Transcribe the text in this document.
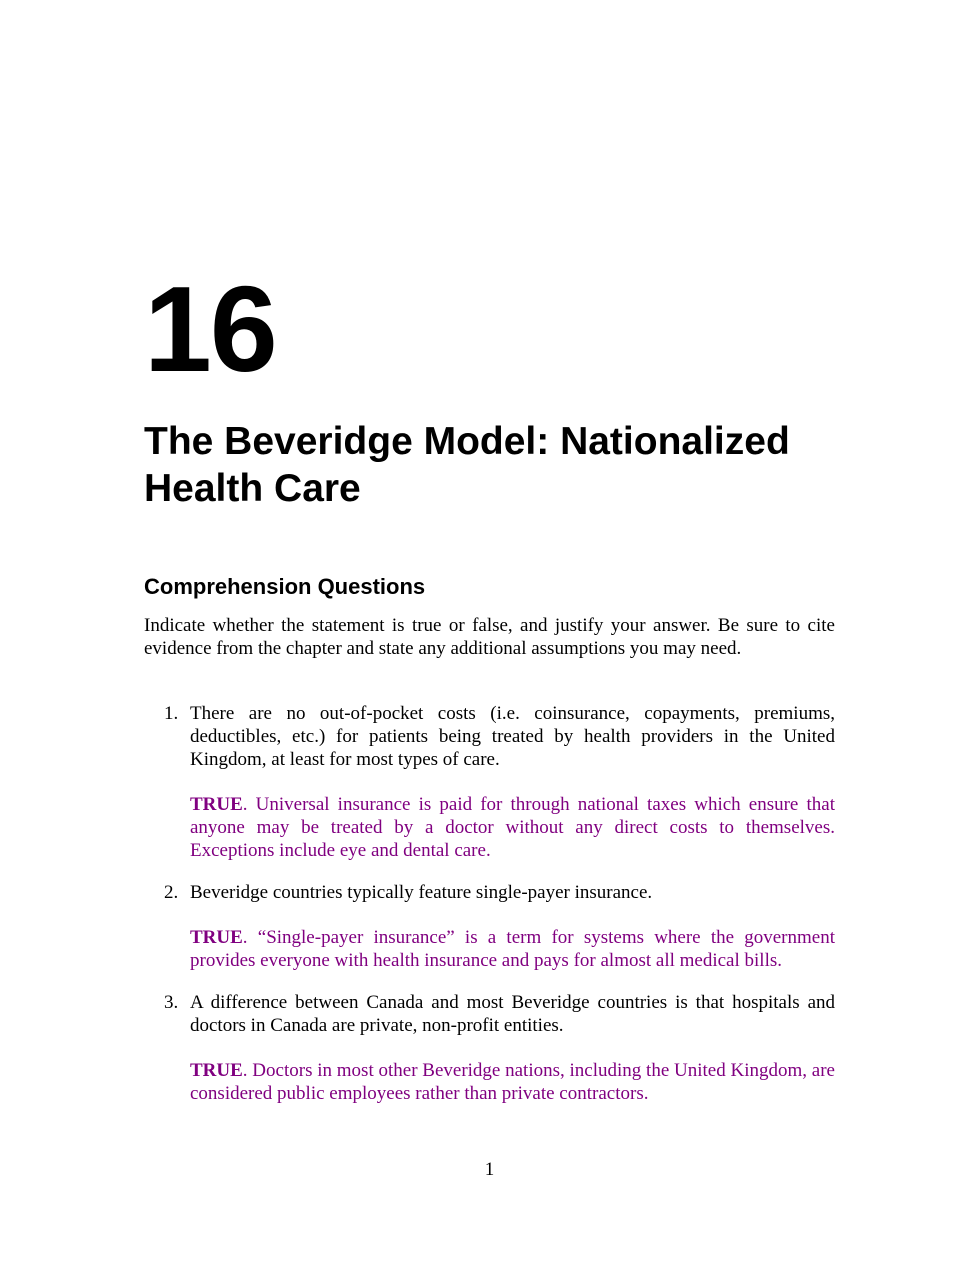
16
The Beveridge Model: Nationalized Health Care
Comprehension Questions

Indicate whether the statement is true or false, and justify your answer. Be sure to cite evidence from the chapter and state any additional assumptions you may need.

1. There are no out-of-pocket costs (i.e. coinsurance, copayments, premiums, deductibles, etc.) for patients being treated by health providers in the United Kingdom, at least for most types of care.

TRUE. Universal insurance is paid for through national taxes which ensure that anyone may be treated by a doctor without any direct costs to themselves. Exceptions include eye and dental care.

2. Beveridge countries typically feature single-payer insurance.

TRUE. “Single-payer insurance” is a term for systems where the government provides everyone with health insurance and pays for almost all medical bills.

3. A difference between Canada and most Beveridge countries is that hospitals and doctors in Canada are private, non-profit entities.

TRUE. Doctors in most other Beveridge nations, including the United Kingdom, are considered public employees rather than private contractors.

1
